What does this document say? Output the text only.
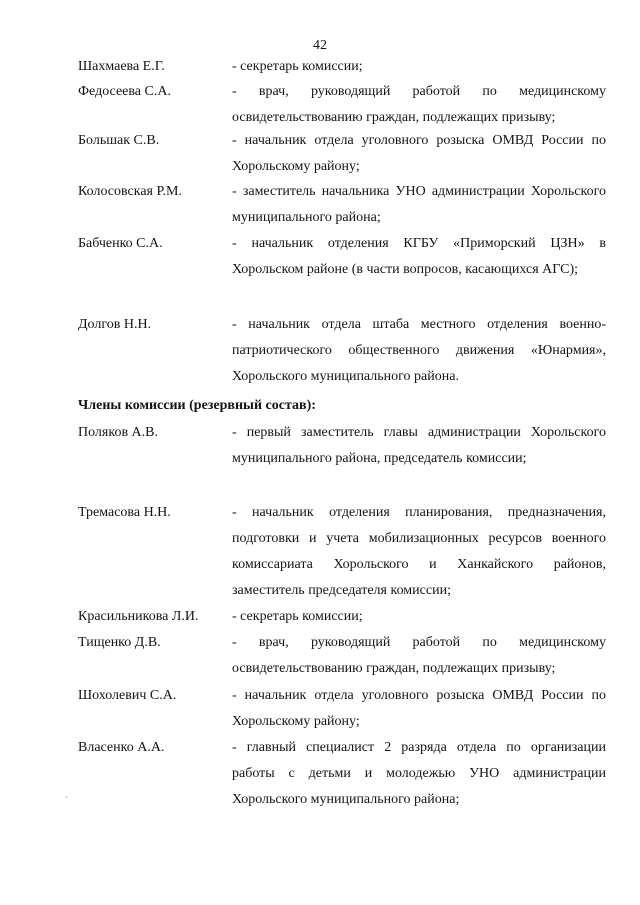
42
Шахмаева Е.Г.	- секретарь комиссии;
Федосеева С.А.	- врач, руководящий работой по медицинскому освидетельствованию граждан, подлежащих призыву;
Большак С.В.	- начальник отдела уголовного розыска ОМВД России по Хорольскому району;
Колосовская Р.М.	- заместитель начальника УНО администрации Хорольского муниципального района;
Бабченко С.А.	- начальник отделения КГБУ «Приморский ЦЗН» в Хорольском районе (в части вопросов, касающихся АГС);
Долгов Н.Н.	- начальник отдела штаба местного отделения военно-патриотического общественного движения «Юнармия», Хорольского муниципального района.
Члены комиссии (резервный состав):
Поляков А.В.	- первый заместитель главы администрации Хорольского муниципального района, председатель комиссии;
Тремасова Н.Н.	- начальник отделения планирования, предназначения, подготовки и учета мобилизационных ресурсов военного комиссариата Хорольского и Ханкайского районов, заместитель председателя комиссии;
Красильникова Л.И. - секретарь комиссии;
Тищенко Д.В.	- врач, руководящий работой по медицинскому освидетельствованию граждан, подлежащих призыву;
Шохолевич С.А.	- начальник отдела уголовного розыска ОМВД России по Хорольскому району;
Власенко А.А.	- главный специалист 2 разряда отдела по организации работы с детьми и молодежью УНО администрации Хорольского муниципального района;
